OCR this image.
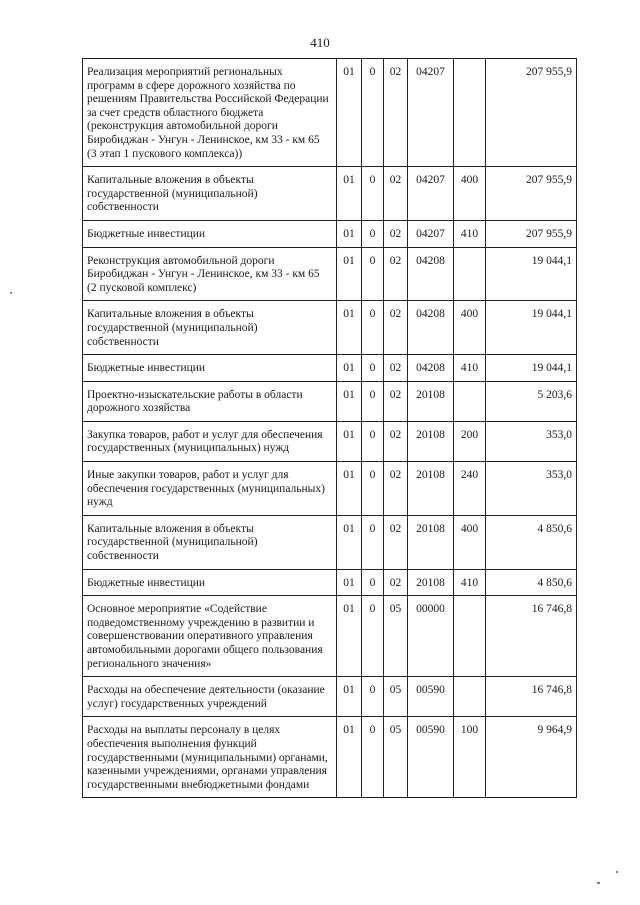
410
Реализация мероприятий региональных программ в сфере дорожного хозяйства по решениям Правительства Российской Федерации за счет средств областного бюджета (реконструкция автомобильной дороги Биробиджан - Унгун - Ленинское, км 33 - км 65 (3 этап 1 пускового комплекса))	01	0	02	04207		207 955,9
Капитальные вложения в объекты государственной (муниципальной) собственности	01	0	02	04207	400	207 955,9
Бюджетные инвестиции	01	0	02	04207	410	207 955,9
Реконструкция автомобильной дороги Биробиджан - Унгун - Ленинское, км 33 - км 65 (2 пусковой комплекс)	01	0	02	04208		19 044,1
Капитальные вложения в объекты государственной (муниципальной) собственности	01	0	02	04208	400	19 044,1
Бюджетные инвестиции	01	0	02	04208	410	19 044,1
Проектно-изыскательские работы в области дорожного хозяйства	01	0	02	20108		5 203,6
Закупка товаров, работ и услуг для обеспечения государственных (муниципальных) нужд	01	0	02	20108	200	353,0
Иные закупки товаров, работ и услуг для обеспечения государственных (муниципальных) нужд	01	0	02	20108	240	353,0
Капитальные вложения в объекты государственной (муниципальной) собственности	01	0	02	20108	400	4 850,6
Бюджетные инвестиции	01	0	02	20108	410	4 850,6
Основное мероприятие «Содействие подведомственному учреждению в развитии и совершенствовании оперативного управления автомобильными дорогами общего пользования регионального значения»	01	0	05	00000		16 746,8
Расходы на обеспечение деятельности (оказание услуг) государственных учреждений	01	0	05	00590		16 746,8
Расходы на выплаты персоналу в целях обеспечения выполнения функций государственными (муниципальными) органами, казенными учреждениями, органами управления государственными внебюджетными фондами	01	0	05	00590	100	9 964,9
